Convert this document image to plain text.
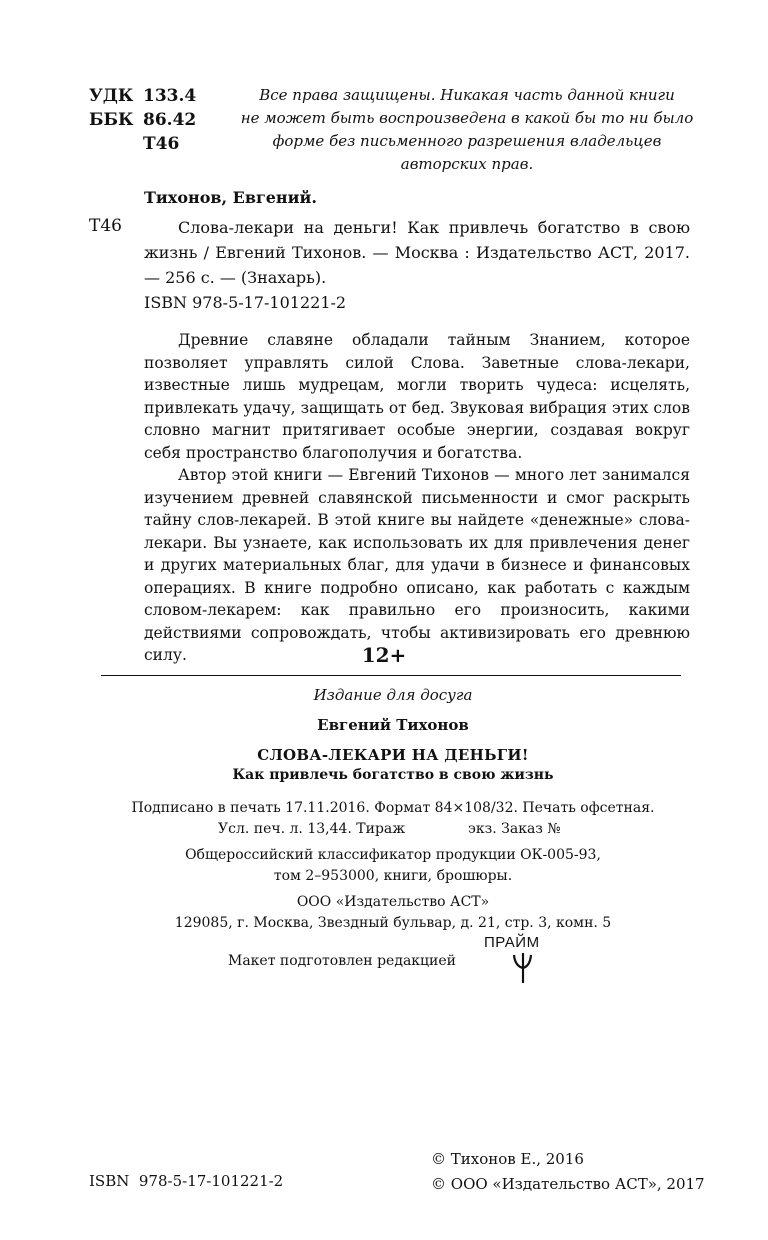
УДК 133.4
ББК 86.42
Т46
Все права защищены. Никакая часть данной книги
не может быть воспроизведена в какой бы то ни было
форме без письменного разрешения владельцев
авторских прав.
Тихонов, Евгений.
Т46	Слова-лекари на деньги! Как привлечь богатство в свою жизнь / Евгений Тихонов. — Москва : Издательство АСТ, 2017. — 256 с. — (Знахарь).
ISBN 978-5-17-101221-2

Древние славяне обладали тайным Знанием, которое позволяет управлять силой Слова. Заветные слова-лекари, известные лишь мудрецам, могли творить чудеса: исцелять, привлекать удачу, защищать от бед. Звуковая вибрация этих слов словно магнит притягивает особые энергии, создавая вокруг себя пространство благополучия и богатства.

Автор этой книги — Евгений Тихонов — много лет занимался изучением древней славянской письменности и смог раскрыть тайну слов-лекарей. В этой книге вы найдете «денежные» слова-лекари. Вы узнаете, как использовать их для привлечения денег и других материальных благ, для удачи в бизнесе и финансовых операциях. В книге подробно описано, как работать с каждым словом-лекарем: как правильно его произносить, какими действиями сопровождать, чтобы активизировать его древнюю силу.	12+
Издание для досуга
Евгений Тихонов
СЛОВА-ЛЕКАРИ НА ДЕНЬГИ!
Как привлечь богатство в свою жизнь
Подписано в печать 17.11.2016. Формат 84×108/32. Печать офсетная.
Усл. печ. л. 13,44. Тираж	экз. Заказ №
Общероссийский классификатор продукции ОК-005-93,
том 2–953000, книги, брошюры.
ООО «Издательство АСТ»
129085, г. Москва, Звездный бульвар, д. 21, стр. 3, комн. 5
Макет подготовлен редакцией
ПРАЙМ
© Тихонов Е., 2016
© ООО «Издательство АСТ», 2017
ISBN  978-5-17-101221-2
